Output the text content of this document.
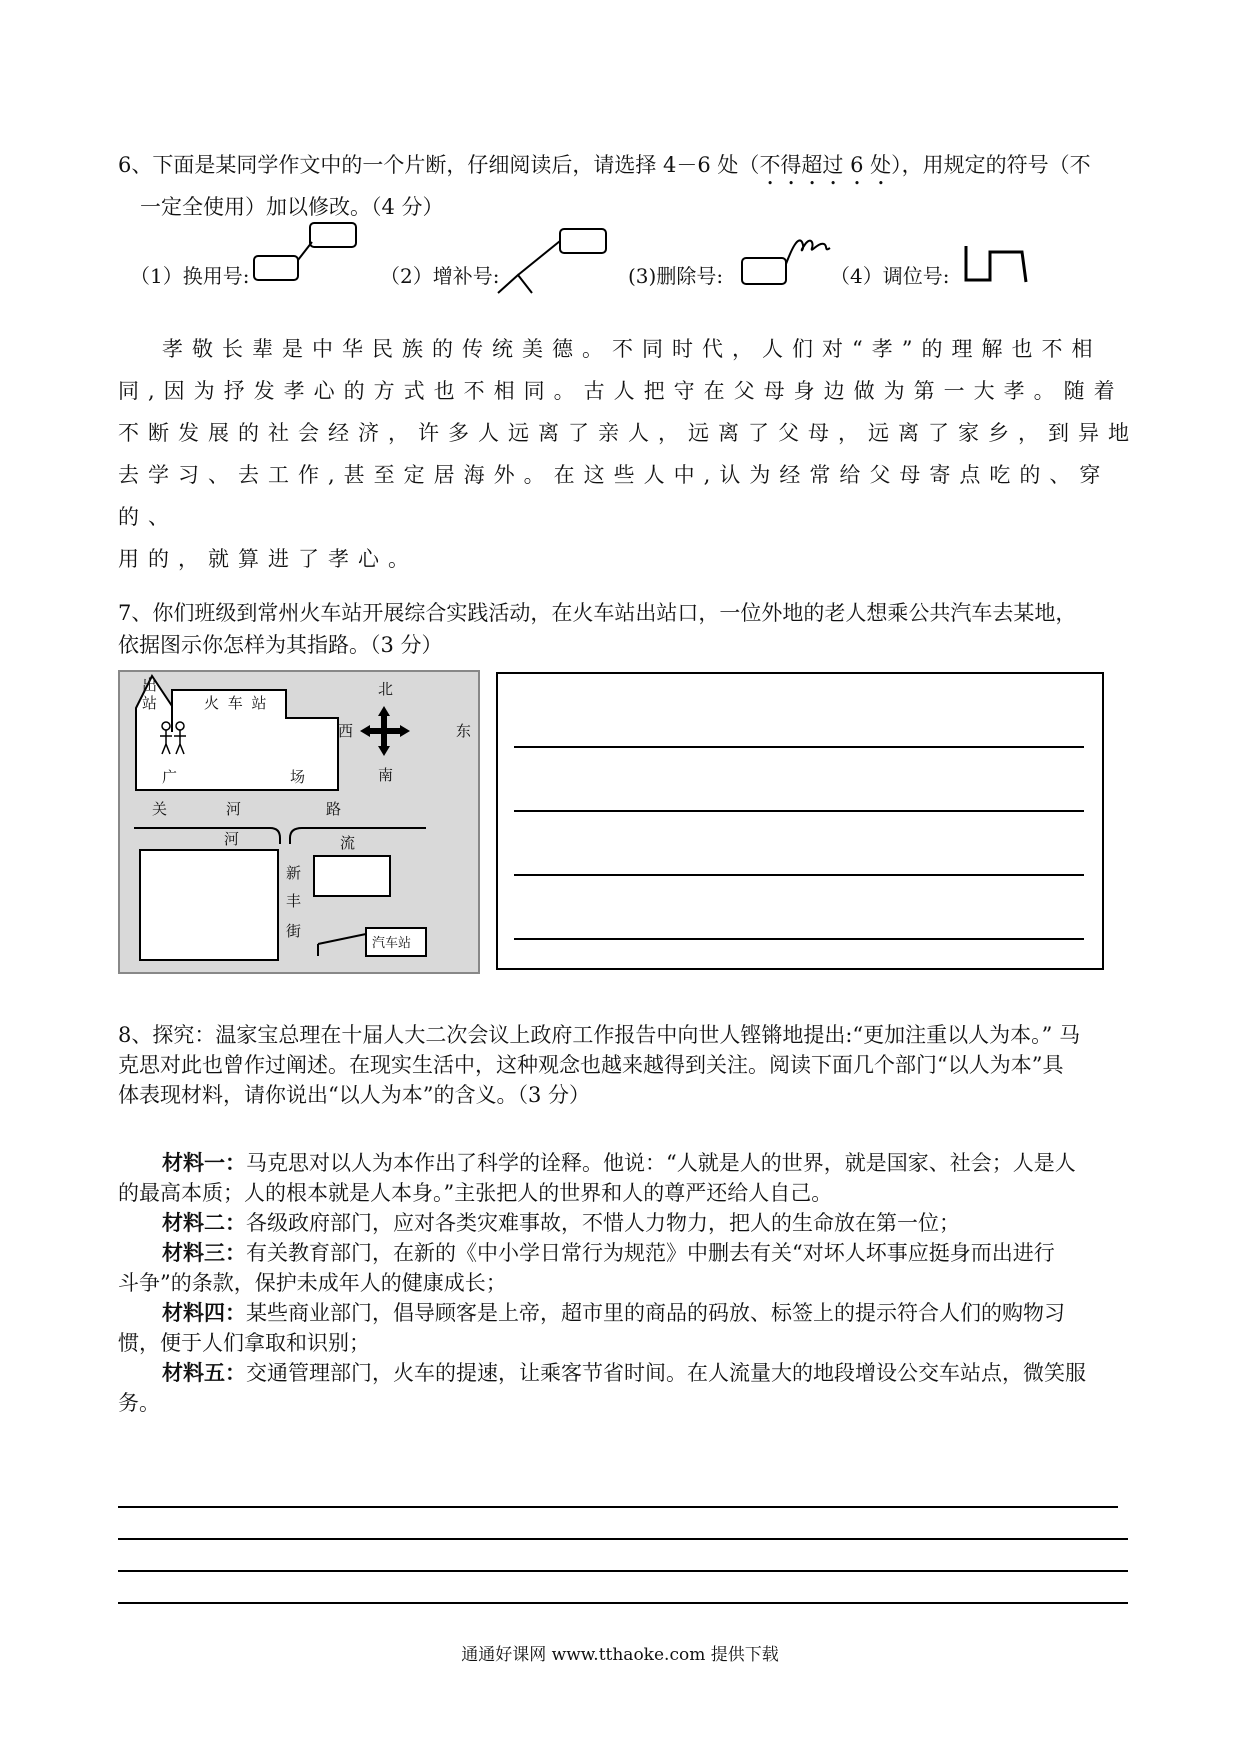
6、下面是某同学作文中的一个片断，仔细阅读后，请选择 4－6 处（不得超过 6 处），用规定的符号（不
一定全使用）加以修改。（4 分）
（1）换用号:	（2）增补号:	(3)删除号:	（4）调位号:
孝敬长辈是中华民族的传统美德。不同时代，人们对“孝”的理解也不相
同,因为抒发孝心的方式也不相同。古人把守在父母身边做为第一大孝。随着
不断发展的社会经济，许多人远离了亲人，远离了父母，远离了家乡，到异地
去学习、去工作,甚至定居海外。在这些人中,认为经常给父母寄点吃的、穿的、
用的，就算进了孝心。
7、你们班级到常州火车站开展综合实践活动，在火车站出站口，一位外地的老人想乘公共汽车去某地，
依据图示你怎样为其指路。（3 分）
出
站	火 车 站
北
西	东
南
广	场
关	河	路
河	流
新
丰
街
汽车站
8、探究：温家宝总理在十届人大二次会议上政府工作报告中向世人铿锵地提出:“更加注重以人为本。” 马
克思对此也曾作过阐述。在现实生活中，这种观念也越来越得到关注。阅读下面几个部门“以人为本”具
体表现材料，请你说出“以人为本”的含义。（3 分）
材料一：马克思对以人为本作出了科学的诠释。他说：“人就是人的世界，就是国家、社会；人是人
的最高本质；人的根本就是人本身。”主张把人的世界和人的尊严还给人自己。
材料二：各级政府部门，应对各类灾难事故，不惜人力物力，把人的生命放在第一位；
材料三：有关教育部门，在新的《中小学日常行为规范》中删去有关“对坏人坏事应挺身而出进行
斗争”的条款，保护未成年人的健康成长；
材料四：某些商业部门，倡导顾客是上帝，超市里的商品的码放、标签上的提示符合人们的购物习
惯，便于人们拿取和识别；
材料五：交通管理部门，火车的提速，让乘客节省时间。在人流量大的地段增设公交车站点，微笑服
务。
通通好课网 www.tthaoke.com 提供下载
